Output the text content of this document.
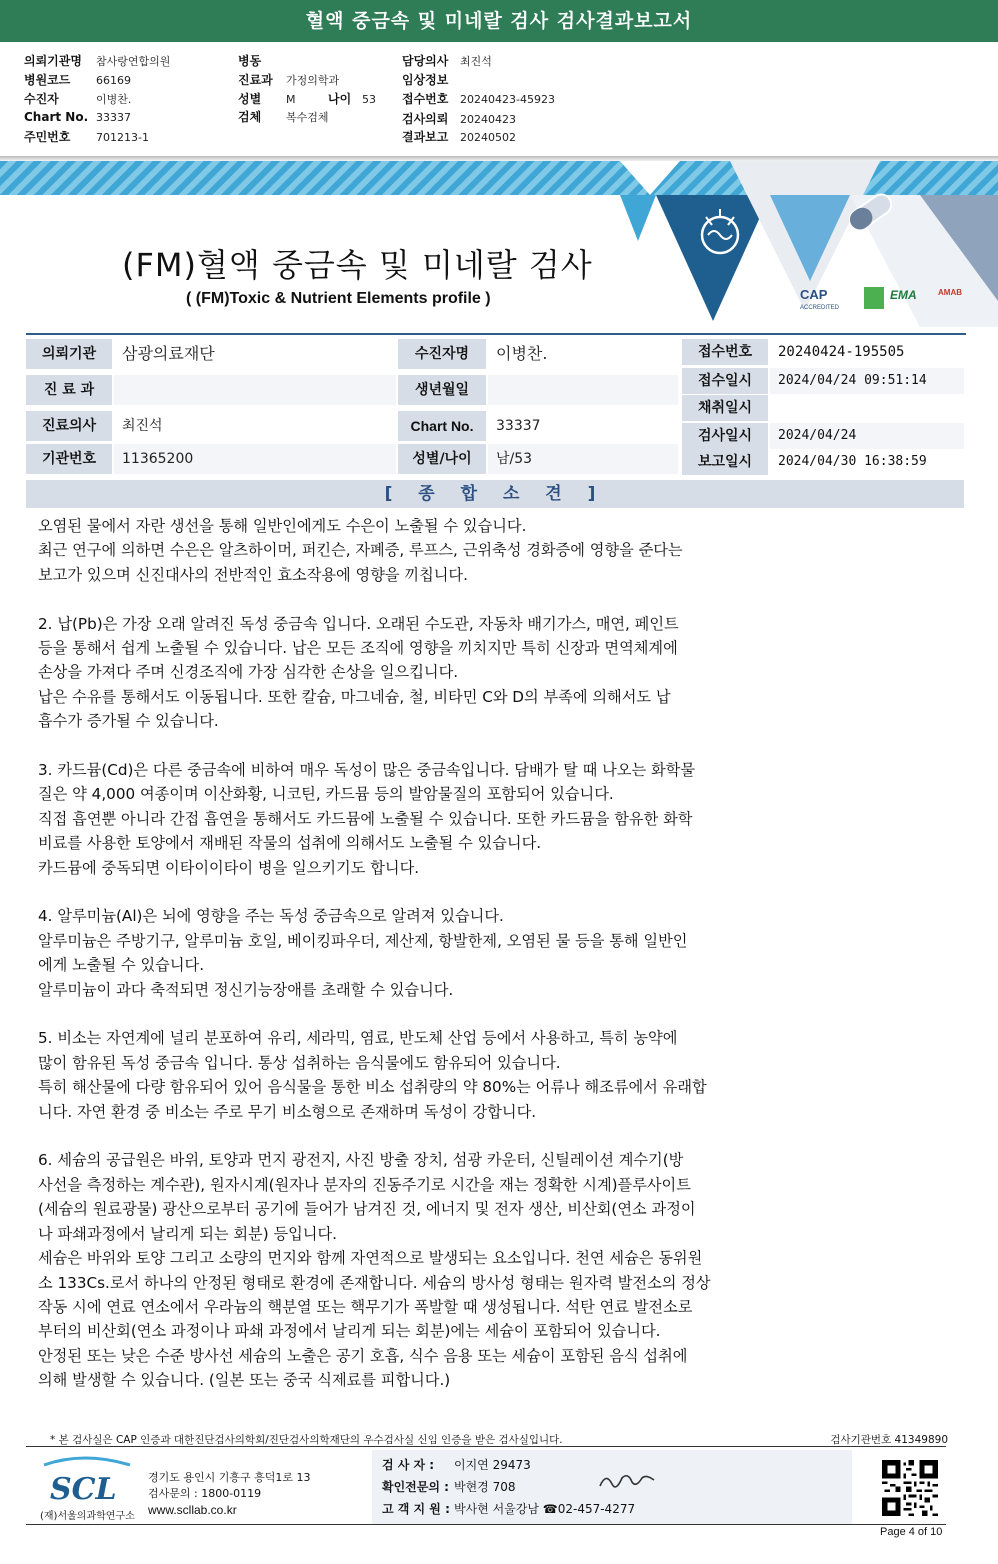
혈액 중금속 및 미네랄 검사 검사결과보고서
의뢰기관명 참사랑연합의원
병원코드 66169
수진자	이병찬.
Chart No. 33337
주민번호 701213-1
병동
진료과 가정의학과
성별 M	나이 53
검체 복수검체
담당의사 최진석
임상정보
접수번호 20240423-45923
검사의뢰 20240423
결과보고 20240502
CAP
ACCREDITED
EMA	AMAB
(FM)혈액 중금속 및 미네랄 검사
( (FM)Toxic & Nutrient Elements profile )
의뢰기관	삼광의료재단	수진자명	이병찬.
진 료 과	생년월일
진료의사	최진석	Chart No.	33337
기관번호	11365200	성별/나이	남/53
접수번호	20240424-195505
접수일시	2024/04/24 09:51:14
채취일시
검사일시	2024/04/24
보고일시	2024/04/30 16:38:59
[ 종 합 소 견 ]

오염된 물에서 자란 생선을 통해 일반인에게도 수은이 노출될 수 있습니다.

최근 연구에 의하면 수은은 알츠하이머, 퍼킨슨, 자폐증, 루프스, 근위축성 경화증에 영향을 준다는

보고가 있으며 신진대사의 전반적인 효소작용에 영향을 끼칩니다.

2. 납(Pb)은 가장 오래 알려진 독성 중금속 입니다. 오래된 수도관, 자동차 배기가스, 매연, 페인트

등을 통해서 쉽게 노출될 수 있습니다. 납은 모든 조직에 영향을 끼치지만 특히 신장과 면역체계에

손상을 가져다 주며 신경조직에 가장 심각한 손상을 일으킵니다.

납은 수유를 통해서도 이동됩니다. 또한 칼슘, 마그네슘, 철, 비타민 C와 D의 부족에 의해서도 납

흡수가 증가될 수 있습니다.

3. 카드뮴(Cd)은 다른 중금속에 비하여 매우 독성이 많은 중금속입니다. 담배가 탈 때 나오는 화학물

질은 약 4,000 여종이며 이산화황, 니코틴, 카드뮴 등의 발암물질의 포함되어 있습니다.

직접 흡연뿐 아니라 간접 흡연을 통해서도 카드뮴에 노출될 수 있습니다. 또한 카드뮴을 함유한 화학

비료를 사용한 토양에서 재배된 작물의 섭취에 의해서도 노출될 수 있습니다.

카드뮴에 중독되면 이타이이타이 병을 일으키기도 합니다.

4. 알루미늄(Al)은 뇌에 영향을 주는 독성 중금속으로 알려져 있습니다.

알루미늄은 주방기구, 알루미늄 호일, 베이킹파우더, 제산제, 항발한제, 오염된 물 등을 통해 일반인

에게 노출될 수 있습니다.

알루미늄이 과다 축적되면 정신기능장애를 초래할 수 있습니다.

5. 비소는 자연계에 널리 분포하여 유리, 세라믹, 염료, 반도체 산업 등에서 사용하고, 특히 농약에

많이 함유된 독성 중금속 입니다. 통상 섭취하는 음식물에도 함유되어 있습니다.

특히 해산물에 다량 함유되어 있어 음식물을 통한 비소 섭취량의 약 80%는 어류나 해조류에서 유래합

니다. 자연 환경 중 비소는 주로 무기 비소형으로 존재하며 독성이 강합니다.

6. 세슘의 공급원은 바위, 토양과 먼지 광전지, 사진 방출 장치, 섬광 카운터, 신틸레이션 계수기(방

사선을 측정하는 계수관), 원자시계(원자나 분자의 진동주기로 시간을 재는 정확한 시계)플루사이트

(세슘의 원료광물) 광산으로부터 공기에 들어가 남겨진 것, 에너지 및 전자 생산, 비산회(연소 과정이

나 파쇄과정에서 날리게 되는 회분) 등입니다.

세슘은 바위와 토양 그리고 소량의 먼지와 함께 자연적으로 발생되는 요소입니다. 천연 세슘은 동위원

소 133Cs.로서 하나의 안정된 형태로 환경에 존재합니다. 세슘의 방사성 형태는 원자력 발전소의 정상

작동 시에 연료 연소에서 우라늄의 핵분열 또는 핵무기가 폭발할 때 생성됩니다. 석탄 연료 발전소로

부터의 비산회(연소 과정이나 파쇄 과정에서 날리게 되는 회분)에는 세슘이 포함되어 있습니다.

안정된 또는 낮은 수준 방사선 세슘의 노출은 공기 호흡, 식수 음용 또는 세슘이 포함된 음식 섭취에

의해 발생할 수 있습니다. (일본 또는 중국 식제료를 피합니다.)

* 본 검사실은 CAP 인증과 대한진단검사의학회/진단검사의학재단의 우수검사실 신임 인증을 받은 검사실입니다.	검사기관번호 41349890
SCL
(재)서울의과학연구소
경기도 용인시 기흥구 흥덕1로 13
검사문의 : 1800-0119
www.scllab.co.kr
검 사 자 : 이지연 29473
확인전문의 : 박현경 708
고 객 지 원 : 박사현 서울강남 ☎02-457-4277
Page 4 of 10
